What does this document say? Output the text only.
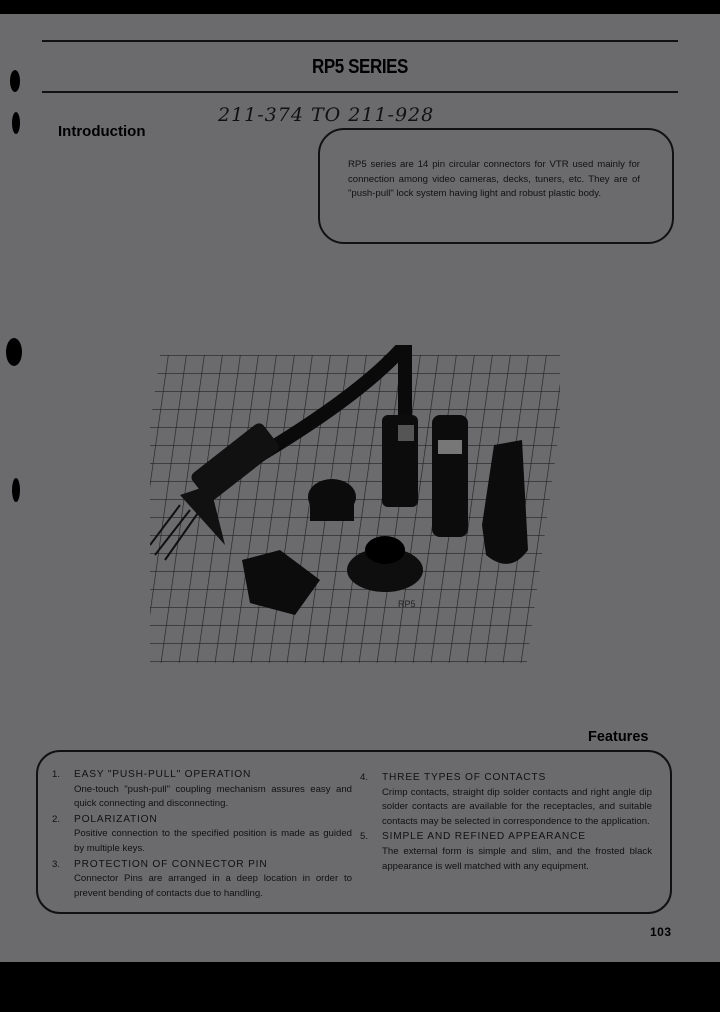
RP5 SERIES
Introduction
211-374 TO 211-928
RP5 series are 14 pin circular connectors for VTR used mainly for connection among video cameras, decks, tuners, etc. They are of "push-pull" lock system having light and robust plastic body.
RP5
Features
1.	EASY "PUSH-PULL" OPERATION
One-touch "push-pull" coupling mechanism assures easy and quick connecting and disconnecting.
2.	POLARIZATION
Positive connection to the specified position is made as guided by multiple keys.
3.	PROTECTION OF CONNECTOR PIN
Connector Pins are arranged in a deep location in order to prevent bending of contacts due to handling.
4.	THREE TYPES OF CONTACTS
Crimp contacts, straight dip solder contacts and right angle dip solder contacts are available for the receptacles, and suitable contacts may be selected in correspondence to the application.
5.	SIMPLE AND REFINED APPEARANCE
The external form is simple and slim, and the frosted black appearance is well matched with any equipment.
103
